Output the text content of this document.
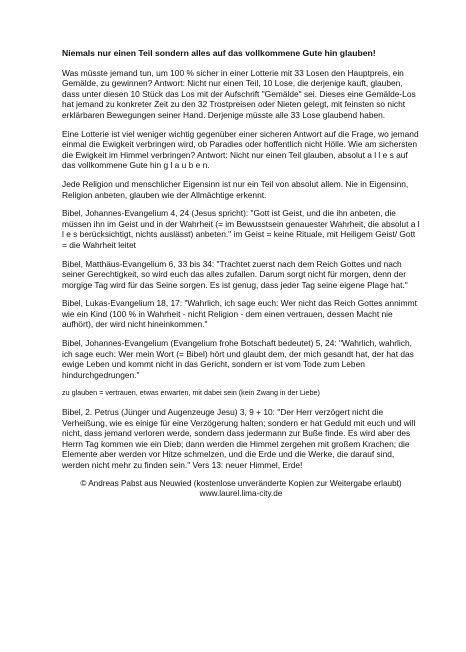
Niemals nur einen Teil sondern alles auf das vollkommene Gute hin glauben!

Was müsste jemand tun, um 100 % sicher in einer Lotterie mit 33 Losen den Hauptpreis, ein Gemälde, zu gewinnen? Antwort: Nicht nur einen Teil, 10 Lose, die derjenige kauft, glauben, dass unter diesen 10 Stück das Los mit der Aufschrift "Gemälde" sei. Dieses eine Gemälde-Los hat jemand zu konkreter Zeit zu den 32 Trostpreisen oder Nieten gelegt, mit feinsten so nicht erklärbaren Bewegungen seiner Hand. Derjenige müsste alle 33 Lose glaubend haben.

Eine Lotterie ist viel weniger wichtig gegenüber einer sicheren Antwort auf die Frage, wo jemand einmal die Ewigkeit verbringen wird, ob Paradies oder hoffentlich nicht Hölle. Wie am sichersten die Ewigkeit im Himmel verbringen? Antwort: Nicht nur einen Teil glauben, absolut a l l e s auf das vollkommene Gute hin g l a u b e n.

Jede Religion und menschlicher Eigensinn ist nur ein Teil von absolut allem. Nie in Eigensinn, Religion anbeten, glauben wie der Allmächtige erkennt.

Bibel, Johannes-Evangelium 4, 24 (Jesus spricht): "Gott ist Geist, und die ihn anbeten, die müssen ihn im Geist und in der Wahrheit (= im Bewusstsein genauester Wahrheit, die absolut a l l e s berücksichtigt, nichts auslässt) anbeten." im Geist = keine Rituale, mit Heiligem Geist/ Gott = die Wahrheit leitet

Bibel, Matthäus-Evangelium 6, 33 bis 34: "Trachtet zuerst nach dem Reich Gottes und nach seiner Gerechtigkeit, so wird euch das alles zufallen. Darum sorgt nicht für morgen, denn der morgige Tag wird für das Seine sorgen. Es ist genug, dass jeder Tag seine eigene Plage hat."

Bibel, Lukas-Evangelium 18, 17: "Wahrlich, ich sage euch: Wer nicht das Reich Gottes annimmt wie ein Kind (100 % in Wahrheit - nicht Religion - dem einen vertrauen, dessen Macht nie aufhört), der wird nicht hineinkommen."

Bibel, Johannes-Evangelium (Evangelium frohe Botschaft bedeutet) 5, 24: "Wahrlich, wahrlich, ich sage euch: Wer mein Wort (= Bibel) hört und glaubt dem, der mich gesandt hat, der hat das ewige Leben und kommt nicht in das Gericht, sondern er ist vom Tode zum Leben hindurchgedrungen."

zu glauben = vertrauen, etwas erwarten, mit dabei sein (kein Zwang in der Liebe)

Bibel, 2. Petrus (Jünger und Augenzeuge Jesu) 3, 9 + 10: "Der Herr verzögert nicht die Verheißung, wie es einige für eine Verzögerung halten; sondern er hat Geduld mit euch und will nicht, dass jemand verloren werde, sondern dass jedermann zur Buße finde. Es wird aber des Herrn Tag kommen wie ein Dieb; dann werden die Himmel zergehen mit großem Krachen; die Elemente aber werden vor Hitze schmelzen, und die Erde und die Werke, die darauf sind, werden nicht mehr zu finden sein." Vers 13: neuer Himmel, Erde!

© Andreas Pabst aus Neuwied (kostenlose unveränderte Kopien zur Weitergabe erlaubt)
www.laurel.lima-city.de
